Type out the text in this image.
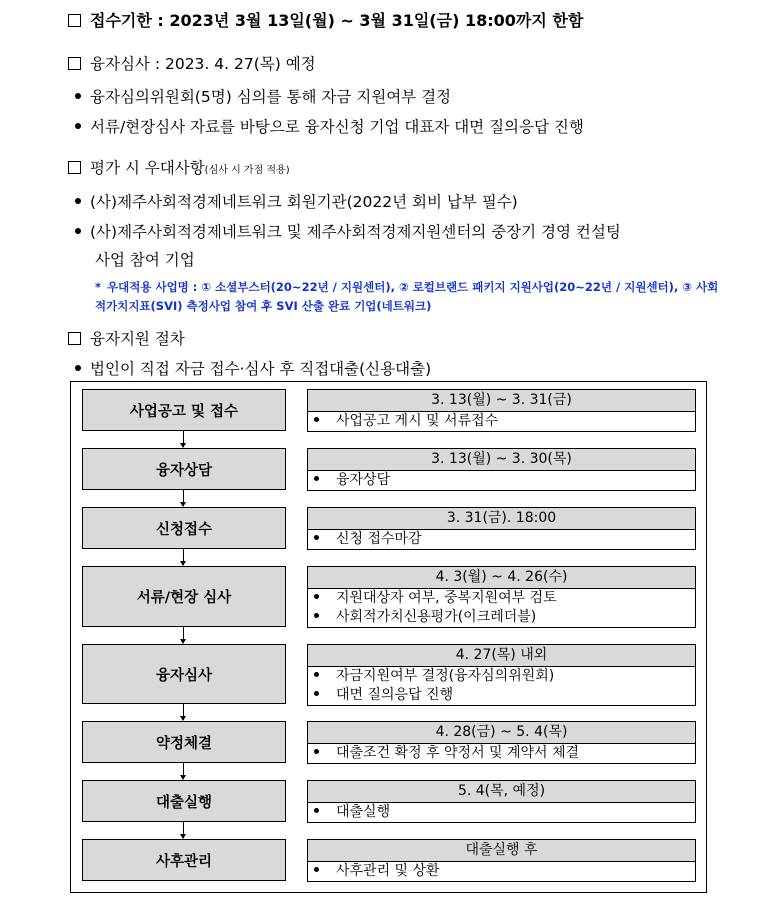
접수기한 : 2023년 3월 13일(월) ~ 3월 31일(금) 18:00까지 한함
융자심사 : 2023. 4. 27(목) 예정
융자심의위원회(5명) 심의를 통해 자금 지원여부 결정
서류/현장심사 자료를 바탕으로 융자신청 기업 대표자 대면 질의응답 진행
평가 시 우대사항(심사 시 가점 적용)
(사)제주사회적경제네트워크 회원기관(2022년 회비 납부 필수)
(사)제주사회적경제네트워크 및 제주사회적경제지원센터의 중장기 경영 컨설팅
사업 참여 기업
* 우대적용 사업명 : ① 소셜부스터(20~22년 / 지원센터), ② 로컬브랜드 패키지 지원사업(20~22년 / 지원센터), ③ 사회적가치지표(SVI) 측정사업 참여 후 SVI 산출 완료 기업(네트워크)
융자지원 절차
법인이 직접 자금 접수·심사 후 직접대출(신용대출)
사업공고 및 접수
3. 13(월) ~ 3. 31(금)
사업공고 게시 및 서류접수
융자상담
3. 13(월) ~ 3. 30(목)
융자상담
신청접수
3. 31(금). 18:00
신청 접수마감
서류/현장 심사
4. 3(월) ~ 4. 26(수)
지원대상자 여부, 중복지원여부 검토
사회적가치신용평가(이크레더블)
융자심사
4. 27(목) 내외
자금지원여부 결정(융자심의위원회)
대면 질의응답 진행
약정체결
4. 28(금) ~ 5. 4(목)
대출조건 확정 후 약정서 및 계약서 체결
대출실행
5. 4(목, 예정)
대출실행
사후관리
대출실행 후
사후관리 및 상환
